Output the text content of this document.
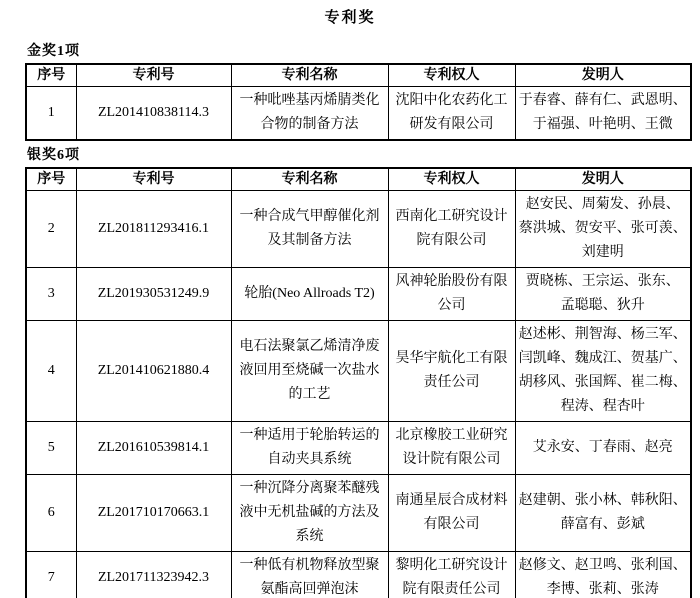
专利奖
金奖1项
序号	专利号	专利名称	专利权人	发明人
1	ZL201410838114.3	一种吡唑基丙烯腈类化合物的制备方法	沈阳中化农药化工研发有限公司	于春睿、薛有仁、武恩明、于福强、叶艳明、王微
银奖6项
序号	专利号	专利名称	专利权人	发明人
2	ZL201811293416.1	一种合成气甲醇催化剂及其制备方法	西南化工研究设计院有限公司	赵安民、周菊发、孙晨、蔡洪城、贺安平、张可羡、刘建明
3	ZL201930531249.9	轮胎(Neo Allroads T2)	风神轮胎股份有限公司	贾晓栋、王宗运、张东、孟聪聪、狄升
4	ZL201410621880.4	电石法聚氯乙烯清净废液回用至烧碱一次盐水的工艺	昊华宇航化工有限责任公司	赵述彬、荆智海、杨三军、闫凯峰、魏成江、贺基广、胡移风、张国辉、崔二梅、程涛、程杏叶
5	ZL201610539814.1	一种适用于轮胎转运的自动夹具系统	北京橡胶工业研究设计院有限公司	艾永安、丁春雨、赵亮
6	ZL201710170663.1	一种沉降分离聚苯醚残液中无机盐碱的方法及系统	南通星辰合成材料有限公司	赵建朝、张小林、韩秋阳、薛富有、彭斌
7	ZL201711323942.3	一种低有机物释放型聚氨酯高回弹泡沫	黎明化工研究设计院有限责任公司	赵修文、赵卫鸣、张利国、李博、张莉、张涛
